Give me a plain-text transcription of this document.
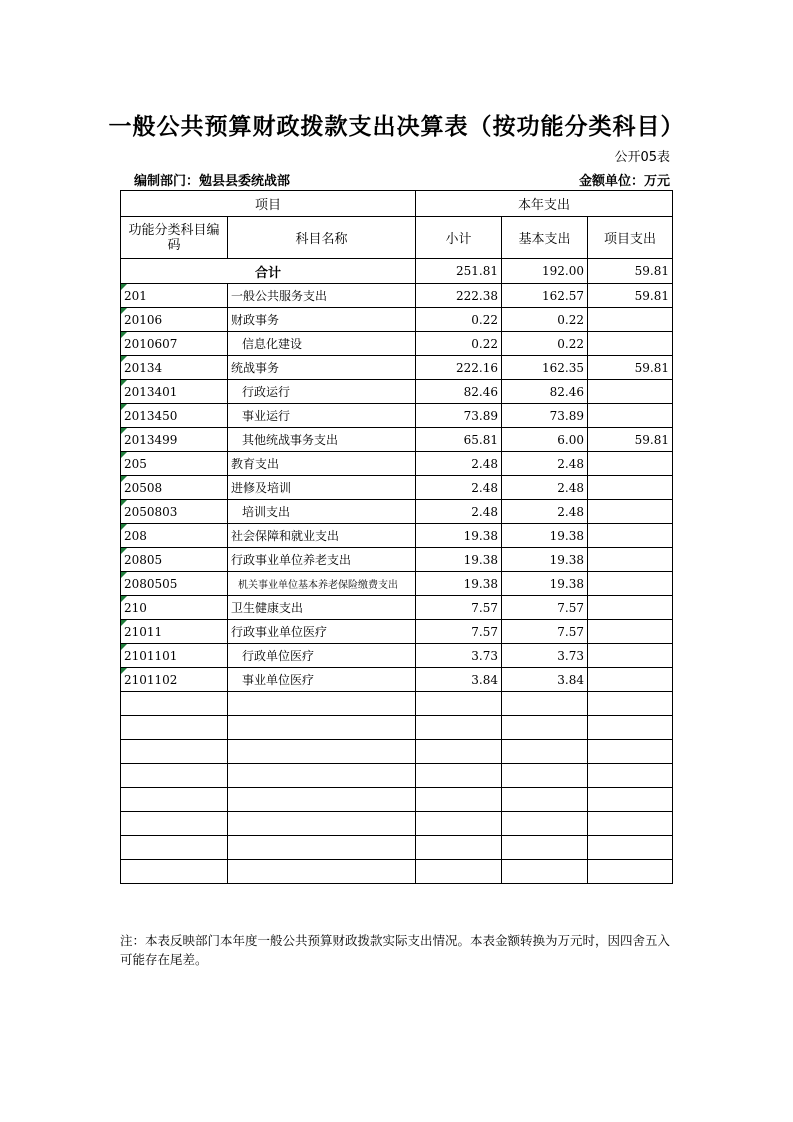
一般公共预算财政拨款支出决算表（按功能分类科目）
公开05表
编制部门：勉县县委统战部	金额单位：万元
项目		本年支出		
功能分类科目编码	科目名称	小计	基本支出	项目支出
合计		251.81	192.00	59.81

201	一般公共服务支出	222.38	162.57	59.81

20106	财政事务	0.22	0.22	

2010607	信息化建设	0.22	0.22	

20134	统战事务	222.16	162.35	59.81

2013401	行政运行	82.46	82.46	

2013450	事业运行	73.89	73.89	

2013499	其他统战事务支出	65.81	6.00	59.81

205	教育支出	2.48	2.48	

20508	进修及培训	2.48	2.48	

2050803	培训支出	2.48	2.48	

208	社会保障和就业支出	19.38	19.38	

20805	行政事业单位养老支出	19.38	19.38	

2080505	机关事业单位基本养老保险缴费支出	19.38	19.38	

210	卫生健康支出	7.57	7.57	

21011	行政事业单位医疗	7.57	7.57	

2101101	行政单位医疗	3.73	3.73	

2101102	事业单位医疗	3.84	3.84	

注：本表反映部门本年度一般公共预算财政拨款实际支出情况。本表金额转换为万元时，因四舍五入可能存在尾差。
